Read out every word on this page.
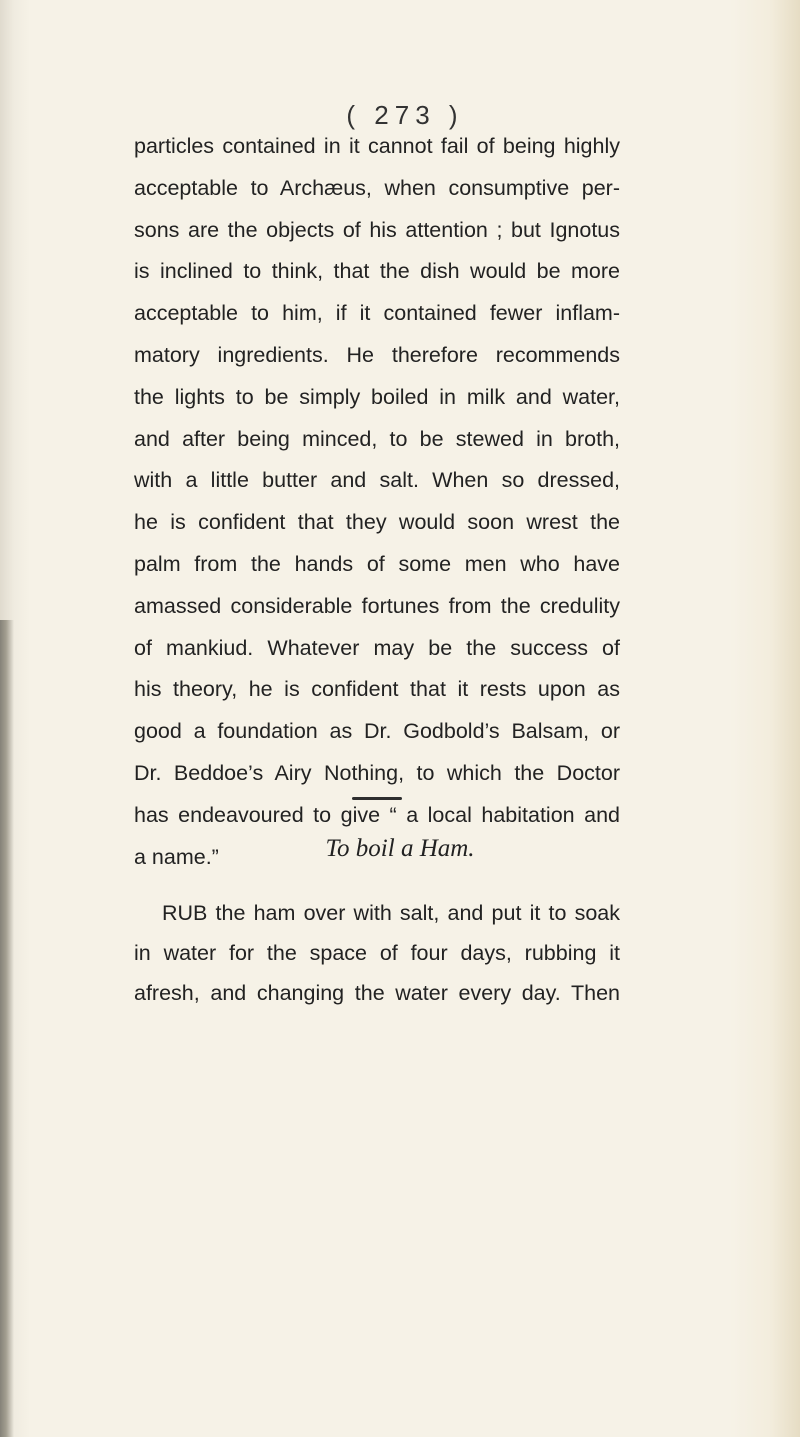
( 273 )
particles contained in it cannot fail of being highly
acceptable to Archæus, when consumptive per-
sons are the objects of his attention ; but Ignotus
is inclined to think, that the dish would be more
acceptable to him, if it contained fewer inflam-
matory ingredients. He therefore recommends
the lights to be simply boiled in milk and water,
and after being minced, to be stewed in broth,
with a little butter and salt. When so dressed,
he is confident that they would soon wrest the
palm from the hands of some men who have
amassed considerable fortunes from the credulity
of mankiud. Whatever may be the success of
his theory, he is confident that it rests upon as
good a foundation as Dr. Godbold’s Balsam, or
Dr. Beddoe’s Airy Nothing, to which the Doctor
has endeavoured to give “ a local habitation and
a name.”	To boil a Ham.
RUB the ham over with salt, and put it to soak
in water for the space of four days, rubbing it
afresh, and changing the water every day. Then
